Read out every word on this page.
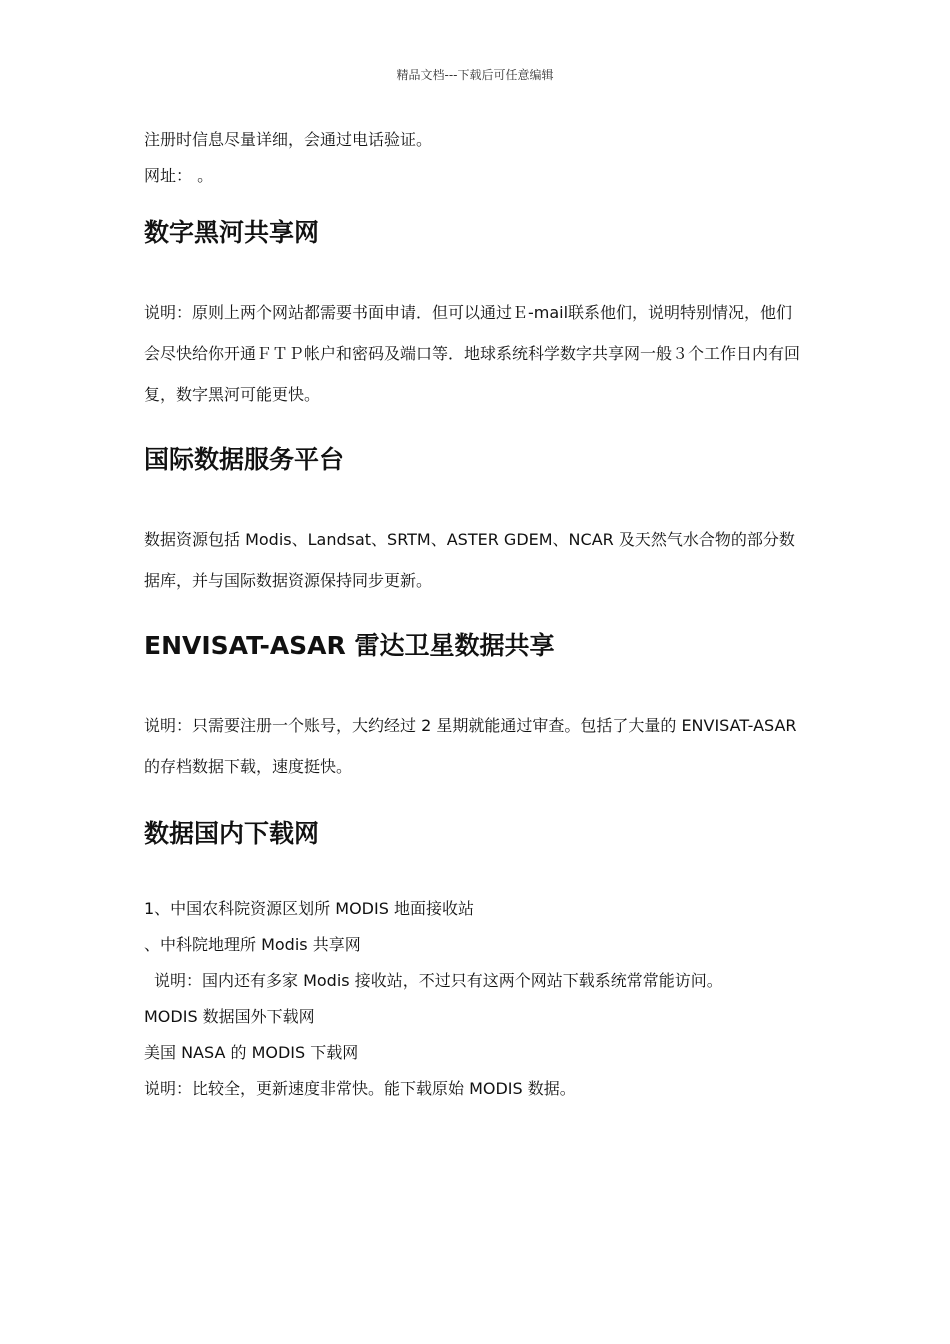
精品文档---下载后可任意编辑

注册时信息尽量详细，会通过电话验证。

网址： 。

数字黑河共享网

说明：原则上两个网站都需要书面申请．但可以通过Ｅ-mail联系他们，说明特别情况，他们会尽快给你开通ＦＴＰ帐户和密码及端口等．地球系统科学数字共享网一般３个工作日内有回复，数字黑河可能更快。

国际数据服务平台

数据资源包括 Modis、Landsat、SRTM、ASTER GDEM、NCAR 及天然气水合物的部分数据库，并与国际数据资源保持同步更新。

ENVISAT-ASAR 雷达卫星数据共享

说明：只需要注册一个账号，大约经过 2 星期就能通过审查。包括了大量的 ENVISAT-ASAR 的存档数据下载，速度挺快。

数据国内下载网

1、中国农科院资源区划所 MODIS 地面接收站

、中科院地理所 Modis 共享网

说明：国内还有多家 Modis 接收站，不过只有这两个网站下载系统常常能访问。

MODIS 数据国外下载网

美国 NASA 的 MODIS 下载网

说明：比较全，更新速度非常快。能下载原始 MODIS 数据。
